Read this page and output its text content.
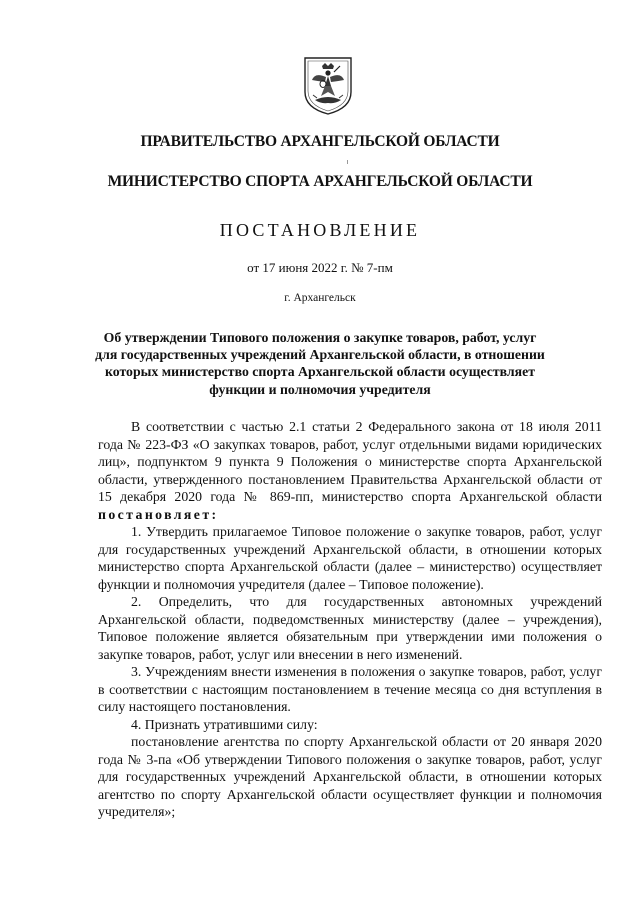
ПРАВИТЕЛЬСТВО АРХАНГЕЛЬСКОЙ ОБЛАСТИ
МИНИСТЕРСТВО СПОРТА АРХАНГЕЛЬСКОЙ ОБЛАСТИ
ПОСТАНОВЛЕНИЕ
от 17 июня 2022 г. № 7-пм
г. Архангельск
Об утверждении Типового положения о закупке товаров, работ, услуг для государственных учреждений Архангельской области, в отношении которых министерство спорта Архангельской области осуществляет функции и полномочия учредителя

В соответствии с частью 2.1 статьи 2 Федерального закона от 18 июля 2011 года № 223-ФЗ «О закупках товаров, работ, услуг отдельными видами юридических лиц», подпунктом 9 пункта 9 Положения о министерстве спорта Архангельской области, утвержденного постановлением Правительства Архангельской области от 15 декабря 2020 года № 869-пп, министерство спорта Архангельской области постановляет:

1. Утвердить прилагаемое Типовое положение о закупке товаров, работ, услуг для государственных учреждений Архангельской области, в отношении которых министерство спорта Архангельской области (далее – министерство) осуществляет функции и полномочия учредителя (далее – Типовое положение).

2. Определить, что для государственных автономных учреждений Архангельской области, подведомственных министерству (далее – учреждения), Типовое положение является обязательным при утверждении ими положения о закупке товаров, работ, услуг или внесении в него изменений.

3. Учреждениям внести изменения в положения о закупке товаров, работ, услуг в соответствии с настоящим постановлением в течение месяца со дня вступления в силу настоящего постановления.

4. Признать утратившими силу:

постановление агентства по спорту Архангельской области от 20 января 2020 года № 3-па «Об утверждении Типового положения о закупке товаров, работ, услуг для государственных учреждений Архангельской области, в отношении которых агентство по спорту Архангельской области осуществляет функции и полномочия учредителя»;
